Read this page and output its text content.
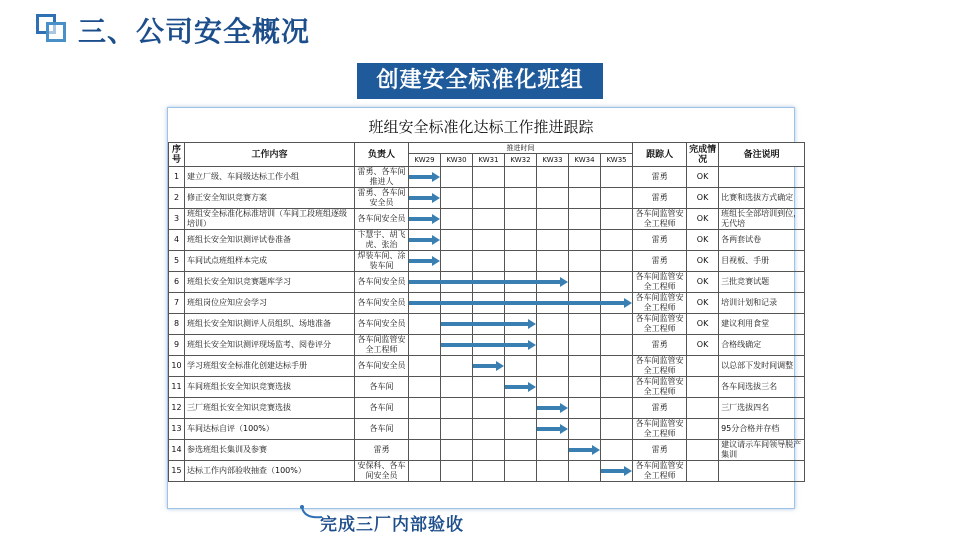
三、公司安全概况
创建安全标准化班组
班组安全标准化达标工作推进跟踪
序号	工作内容	负责人	推进时间							跟踪人	完成情况	备注说明
			KW29	KW30	KW31	KW32	KW33	KW34	KW35			
1	建立厂级、车间级达标工作小组	雷勇、各车间推进人								雷勇	OK	
2	修正安全知识竞赛方案	雷勇、各车间安全员								雷勇	OK	比赛和选拔方式确定
3	班组安全标准化标准培训（车间工段班组逐级培训）	各车间安全员								各车间监管安全工程师	OK	班组长全部培训到位，无代培
4	班组长安全知识测评试卷准备	卞慧宇、胡飞虎、张治								雷勇	OK	各两套试卷
5	车间试点班组样本完成	焊装车间、涂装车间								雷勇	OK	目视板、手册
6	班组长安全知识竞赛题库学习	各车间安全员								各车间监管安全工程师	OK	三批竞赛试题
7	班组岗位应知应会学习	各车间安全员								各车间监管安全工程师	OK	培训计划和记录
8	班组长安全知识测评人员组织、场地准备	各车间安全员								各车间监管安全工程师	OK	建议利用食堂
9	班组长安全知识测评现场监考、阅卷评分	各车间监管安全工程师								雷勇	OK	合格线确定
10	学习班组安全标准化创建达标手册	各车间安全员								各车间监管安全工程师		以总部下发时间调整
11	车间班组长安全知识竞赛选拔	各车间								各车间监管安全工程师		各车间选拔三名
12	三厂班组长安全知识竞赛选拔	各车间								雷勇		三厂选拔四名
13	车间达标自评（100%）	各车间								各车间监管安全工程师		95分合格并存档
14	参选班组长集训及参赛	雷勇								雷勇		建议请示车间领导脱产集训
15	达标工作内部验收抽查（100%）	安保科、各车间安全员								各车间监管安全工程师		
完成三厂内部验收
